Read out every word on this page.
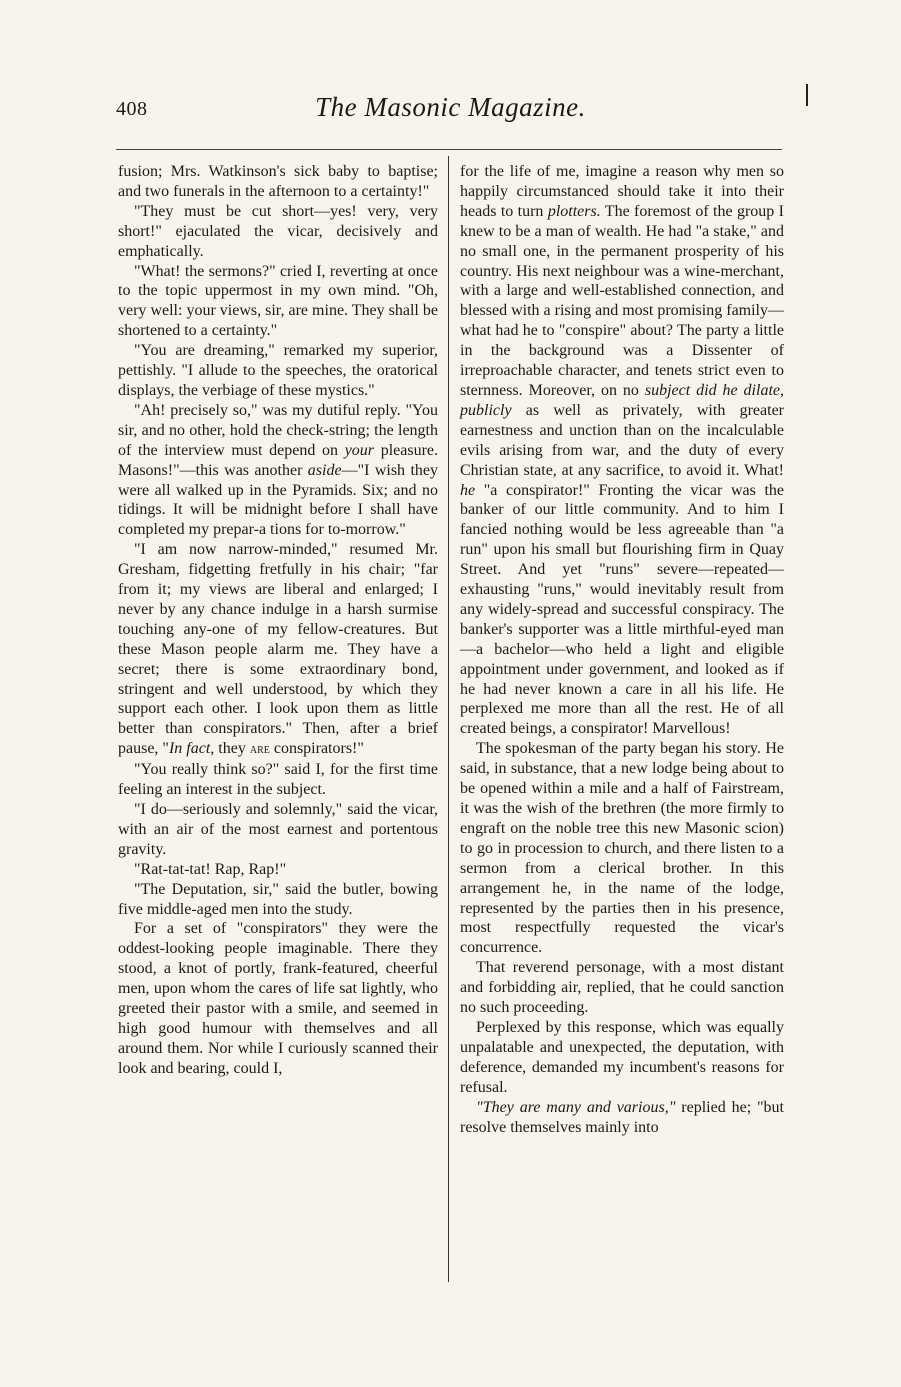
408	The Masonic Magazine.

fusion; Mrs. Watkinson's sick baby to baptise; and two funerals in the afternoon to a certainty!"

"They must be cut short—yes! very, very short!" ejaculated the vicar, decisively and emphatically.

"What! the sermons?" cried I, reverting at once to the topic uppermost in my own mind. "Oh, very well: your views, sir, are mine. They shall be shortened to a certainty."

"You are dreaming," remarked my superior, pettishly. "I allude to the speeches, the oratorical displays, the verbiage of these mystics."

"Ah! precisely so," was my dutiful reply. "You sir, and no other, hold the check-string; the length of the interview must depend on your pleasure. Masons!"—this was another aside—"I wish they were all walked up in the Pyramids. Six; and no tidings. It will be midnight before I shall have completed my prepar-a tions for to-morrow."

"I am now narrow-minded," resumed Mr. Gresham, fidgetting fretfully in his chair; "far from it; my views are liberal and enlarged; I never by any chance indulge in a harsh surmise touching any-one of my fellow-creatures. But these Mason people alarm me. They have a secret; there is some extraordinary bond, stringent and well understood, by which they support each other. I look upon them as little better than conspirators." Then, after a brief pause, "In fact, they are conspirators!"

"You really think so?" said I, for the first time feeling an interest in the subject.

"I do—seriously and solemnly," said the vicar, with an air of the most earnest and portentous gravity.

"Rat-tat-tat! Rap, Rap!"

"The Deputation, sir," said the butler, bowing five middle-aged men into the study.

For a set of "conspirators" they were the oddest-looking people imaginable. There they stood, a knot of portly, frank-featured, cheerful men, upon whom the cares of life sat lightly, who greeted their pastor with a smile, and seemed in high good humour with themselves and all around them. Nor while I curiously scanned their look and bearing, could I,

for the life of me, imagine a reason why men so happily circumstanced should take it into their heads to turn plotters. The foremost of the group I knew to be a man of wealth. He had "a stake," and no small one, in the permanent prosperity of his country. His next neighbour was a wine-merchant, with a large and well-established connection, and blessed with a rising and most promising family—what had he to "conspire" about? The party a little in the background was a Dissenter of irreproachable character, and tenets strict even to sternness. Moreover, on no subject did he dilate, publicly as well as privately, with greater earnestness and unction than on the incalculable evils arising from war, and the duty of every Christian state, at any sacrifice, to avoid it. What! he "a conspirator!" Fronting the vicar was the banker of our little community. And to him I fancied nothing would be less agreeable than "a run" upon his small but flourishing firm in Quay Street. And yet "runs" severe—repeated—exhausting "runs," would inevitably result from any widely-spread and successful conspiracy. The banker's supporter was a little mirthful-eyed man—a bachelor—who held a light and eligible appointment under government, and looked as if he had never known a care in all his life. He perplexed me more than all the rest. He of all created beings, a conspirator! Marvellous!

The spokesman of the party began his story. He said, in substance, that a new lodge being about to be opened within a mile and a half of Fairstream, it was the wish of the brethren (the more firmly to engraft on the noble tree this new Masonic scion) to go in procession to church, and there listen to a sermon from a clerical brother. In this arrangement he, in the name of the lodge, represented by the parties then in his presence, most respectfully requested the vicar's concurrence.

That reverend personage, with a most distant and forbidding air, replied, that he could sanction no such proceeding.

Perplexed by this response, which was equally unpalatable and unexpected, the deputation, with deference, demanded my incumbent's reasons for refusal.

"They are many and various," replied he; "but resolve themselves mainly into
